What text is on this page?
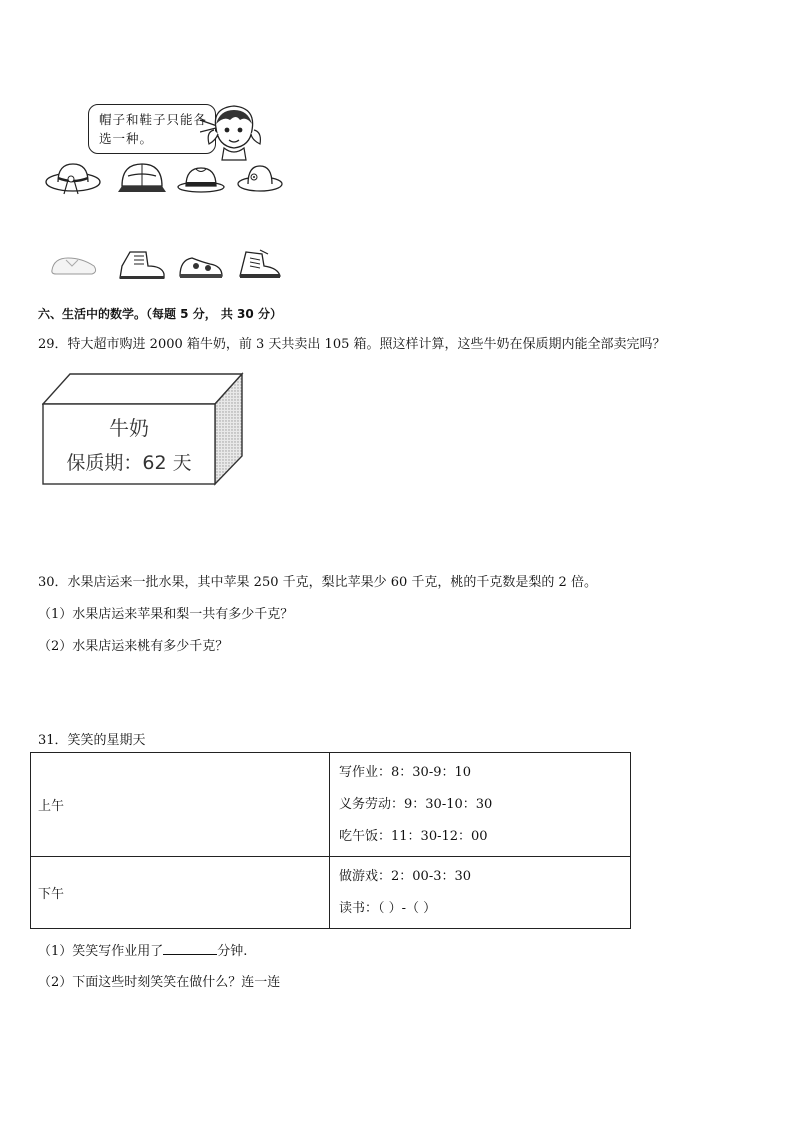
帽子和鞋子只能各选一种。
六、生活中的数学。（每题 5 分， 共 30 分）
29．特大超市购进 2000 箱牛奶，前 3 天共卖出 105 箱。照这样计算，这些牛奶在保质期内能全部卖完吗？
牛奶
保质期：62 天
30．水果店运来一批水果，其中苹果 250 千克，梨比苹果少 60 千克，桃的千克数是梨的 2 倍。
（1）水果店运来苹果和梨一共有多少千克？
（2）水果店运来桃有多少千克？
31．笑笑的星期天
上午	写作业：8：30-9：10
义务劳动：9：30-10：30
吃午饭：11：30-12：00

下午	做游戏：2：00-3：30
读书：（ ）-（ ）
（1）笑笑写作业用了	分钟.
（2）下面这些时刻笑笑在做什么？连一连
